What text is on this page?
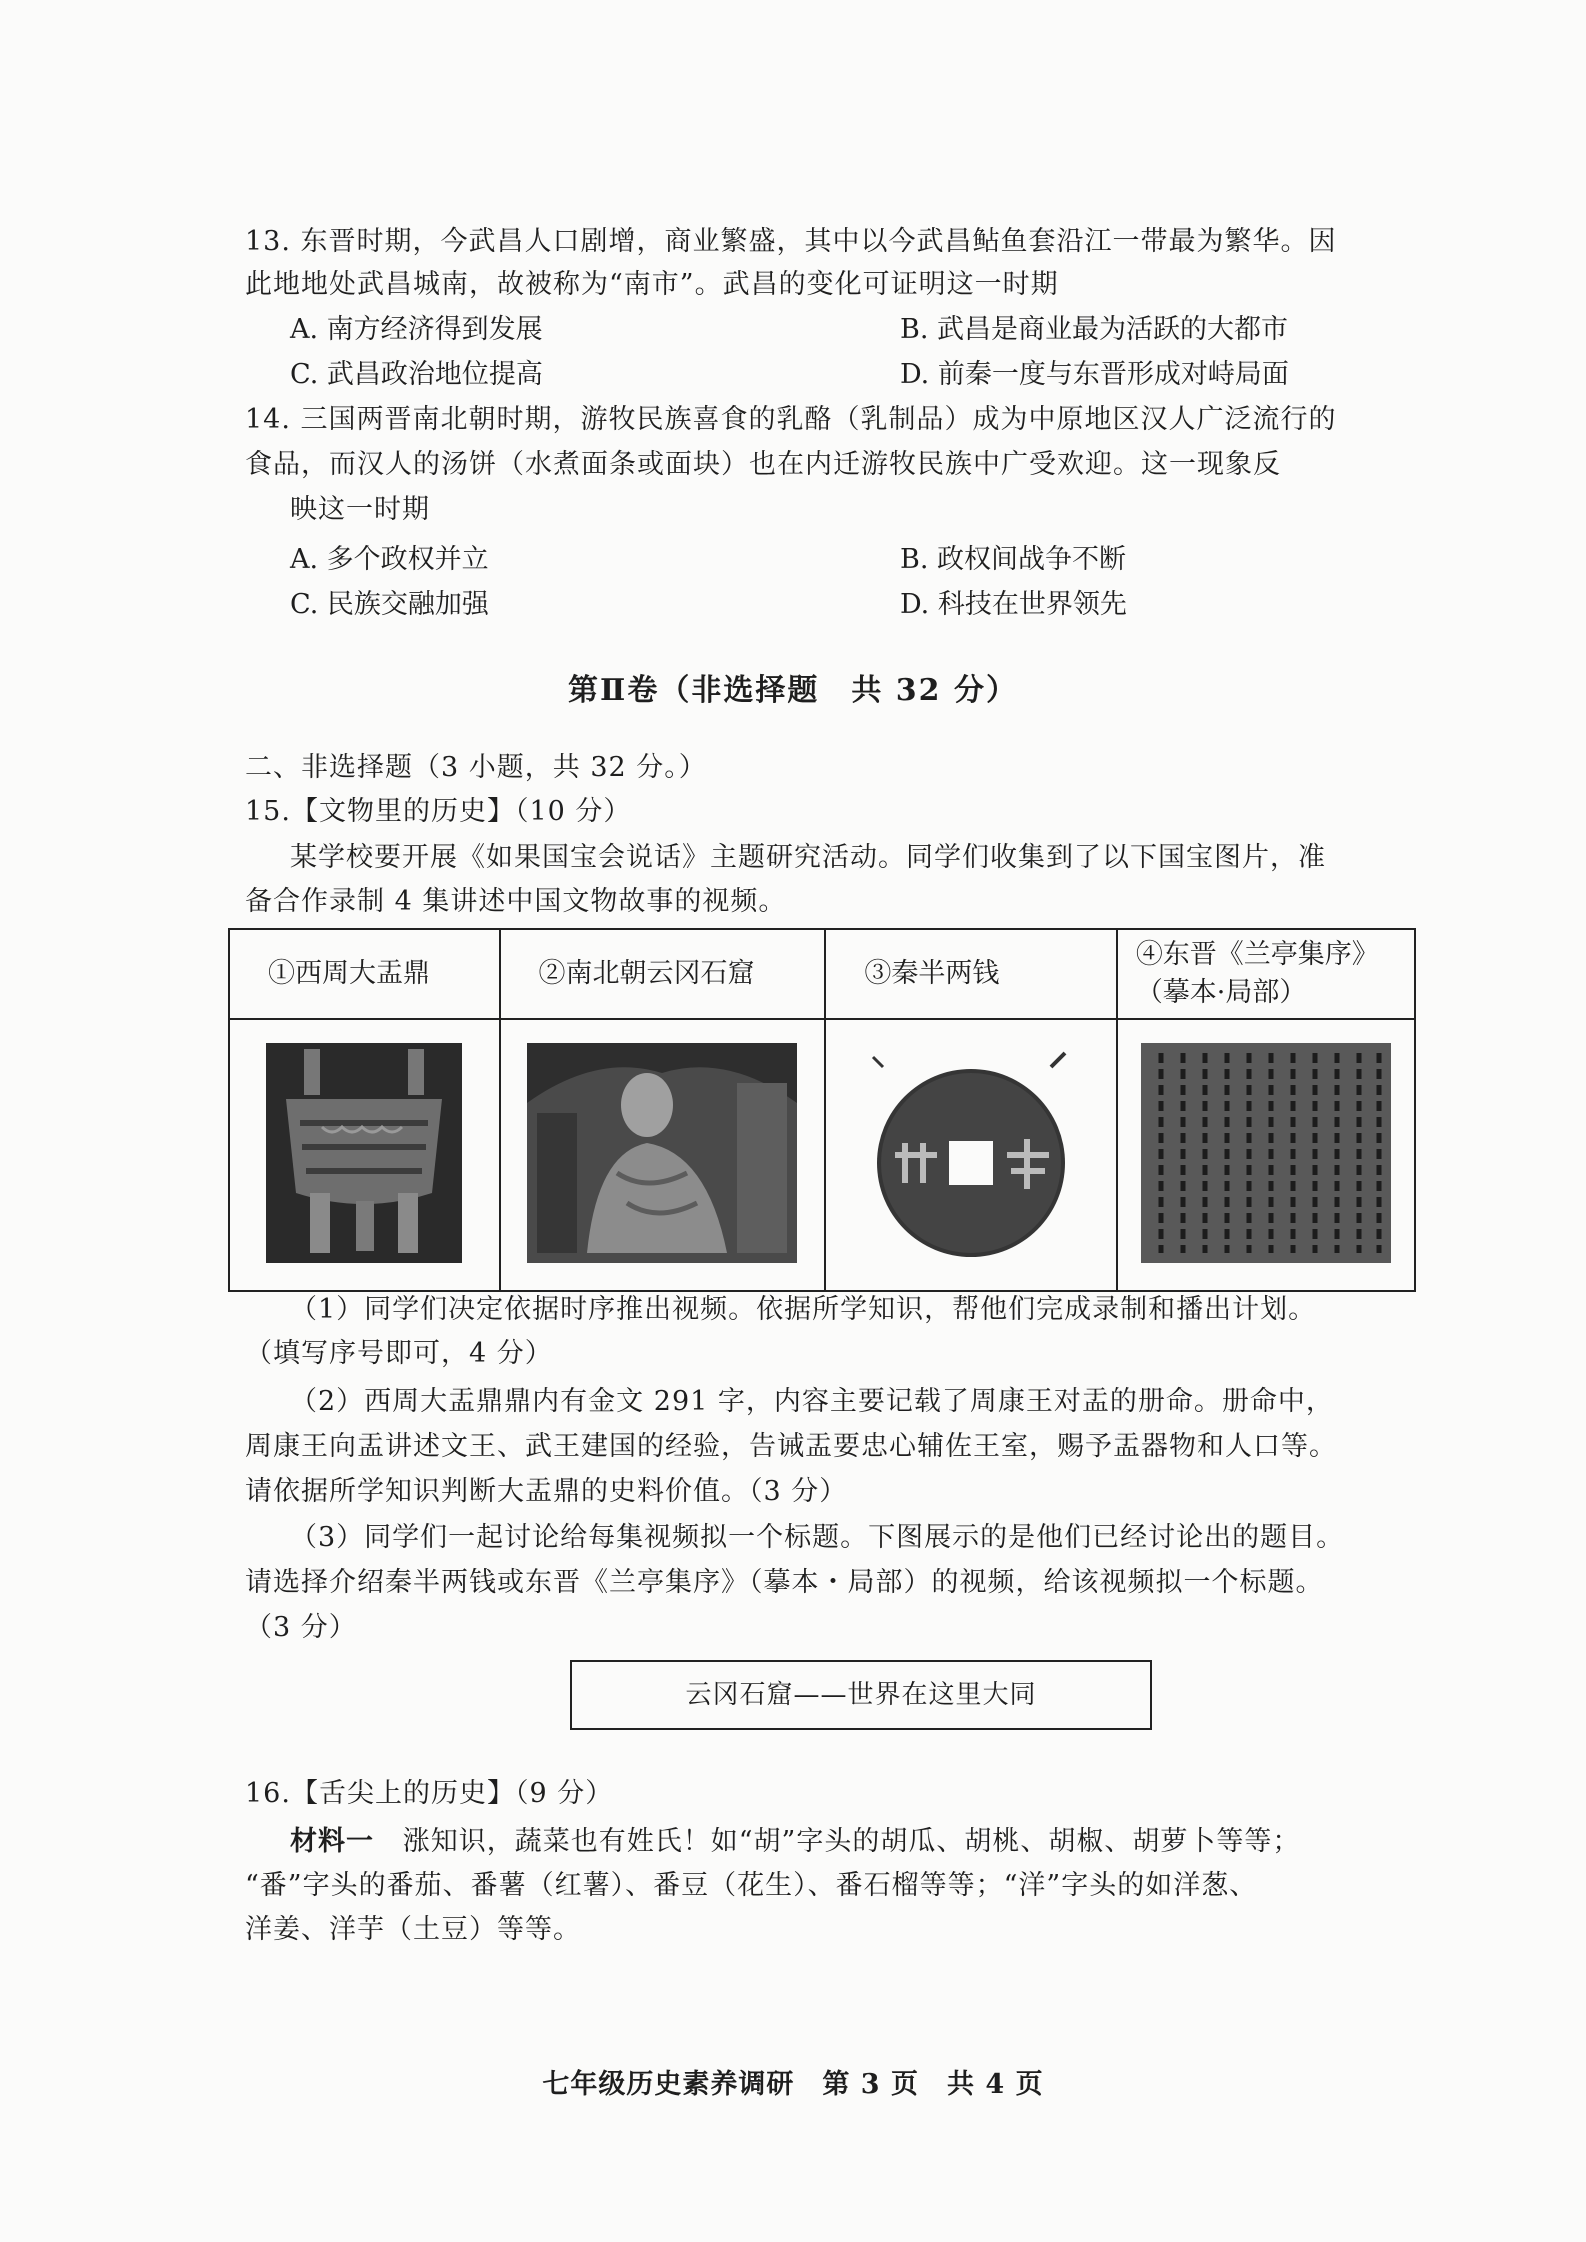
13. 东晋时期，今武昌人口剧增，商业繁盛，其中以今武昌鲇鱼套沿江一带最为繁华。因
此地地处武昌城南，故被称为“南市”。武昌的变化可证明这一时期
A. 南方经济得到发展	B. 武昌是商业最为活跃的大都市
C. 武昌政治地位提高	D. 前秦一度与东晋形成对峙局面
14. 三国两晋南北朝时期，游牧民族喜食的乳酪（乳制品）成为中原地区汉人广泛流行的
食品，而汉人的汤饼（水煮面条或面块）也在内迁游牧民族中广受欢迎。这一现象反
映这一时期
A. 多个政权并立	B. 政权间战争不断
C. 民族交融加强	D. 科技在世界领先
第Ⅱ卷（非选择题　共 32 分）
二、非选择题（3 小题，共 32 分。）
15.【文物里的历史】（10 分）
某学校要开展《如果国宝会说话》主题研究活动。同学们收集到了以下国宝图片，准
备合作录制 4 集讲述中国文物故事的视频。
①西周大盂鼎	②南北朝云冈石窟	③秦半两钱	④东晋《兰亭集序》
（摹本·局部）

（1）同学们决定依据时序推出视频。依据所学知识，帮他们完成录制和播出计划。
（填写序号即可，4 分）
（2）西周大盂鼎鼎内有金文 291 字，内容主要记载了周康王对盂的册命。册命中，
周康王向盂讲述文王、武王建国的经验，告诫盂要忠心辅佐王室，赐予盂器物和人口等。
请依据所学知识判断大盂鼎的史料价值。（3 分）
（3）同学们一起讨论给每集视频拟一个标题。下图展示的是他们已经讨论出的题目。
请选择介绍秦半两钱或东晋《兰亭集序》（摹本・局部）的视频，给该视频拟一个标题。
（3 分）
云冈石窟——世界在这里大同
16.【舌尖上的历史】（9 分）
材料一 涨知识，蔬菜也有姓氏！如“胡”字头的胡瓜、胡桃、胡椒、胡萝卜等等；
“番”字头的番茄、番薯（红薯）、番豆（花生）、番石榴等等；“洋”字头的如洋葱、
洋姜、洋芋（土豆）等等。
七年级历史素养调研　第 3 页　共 4 页
